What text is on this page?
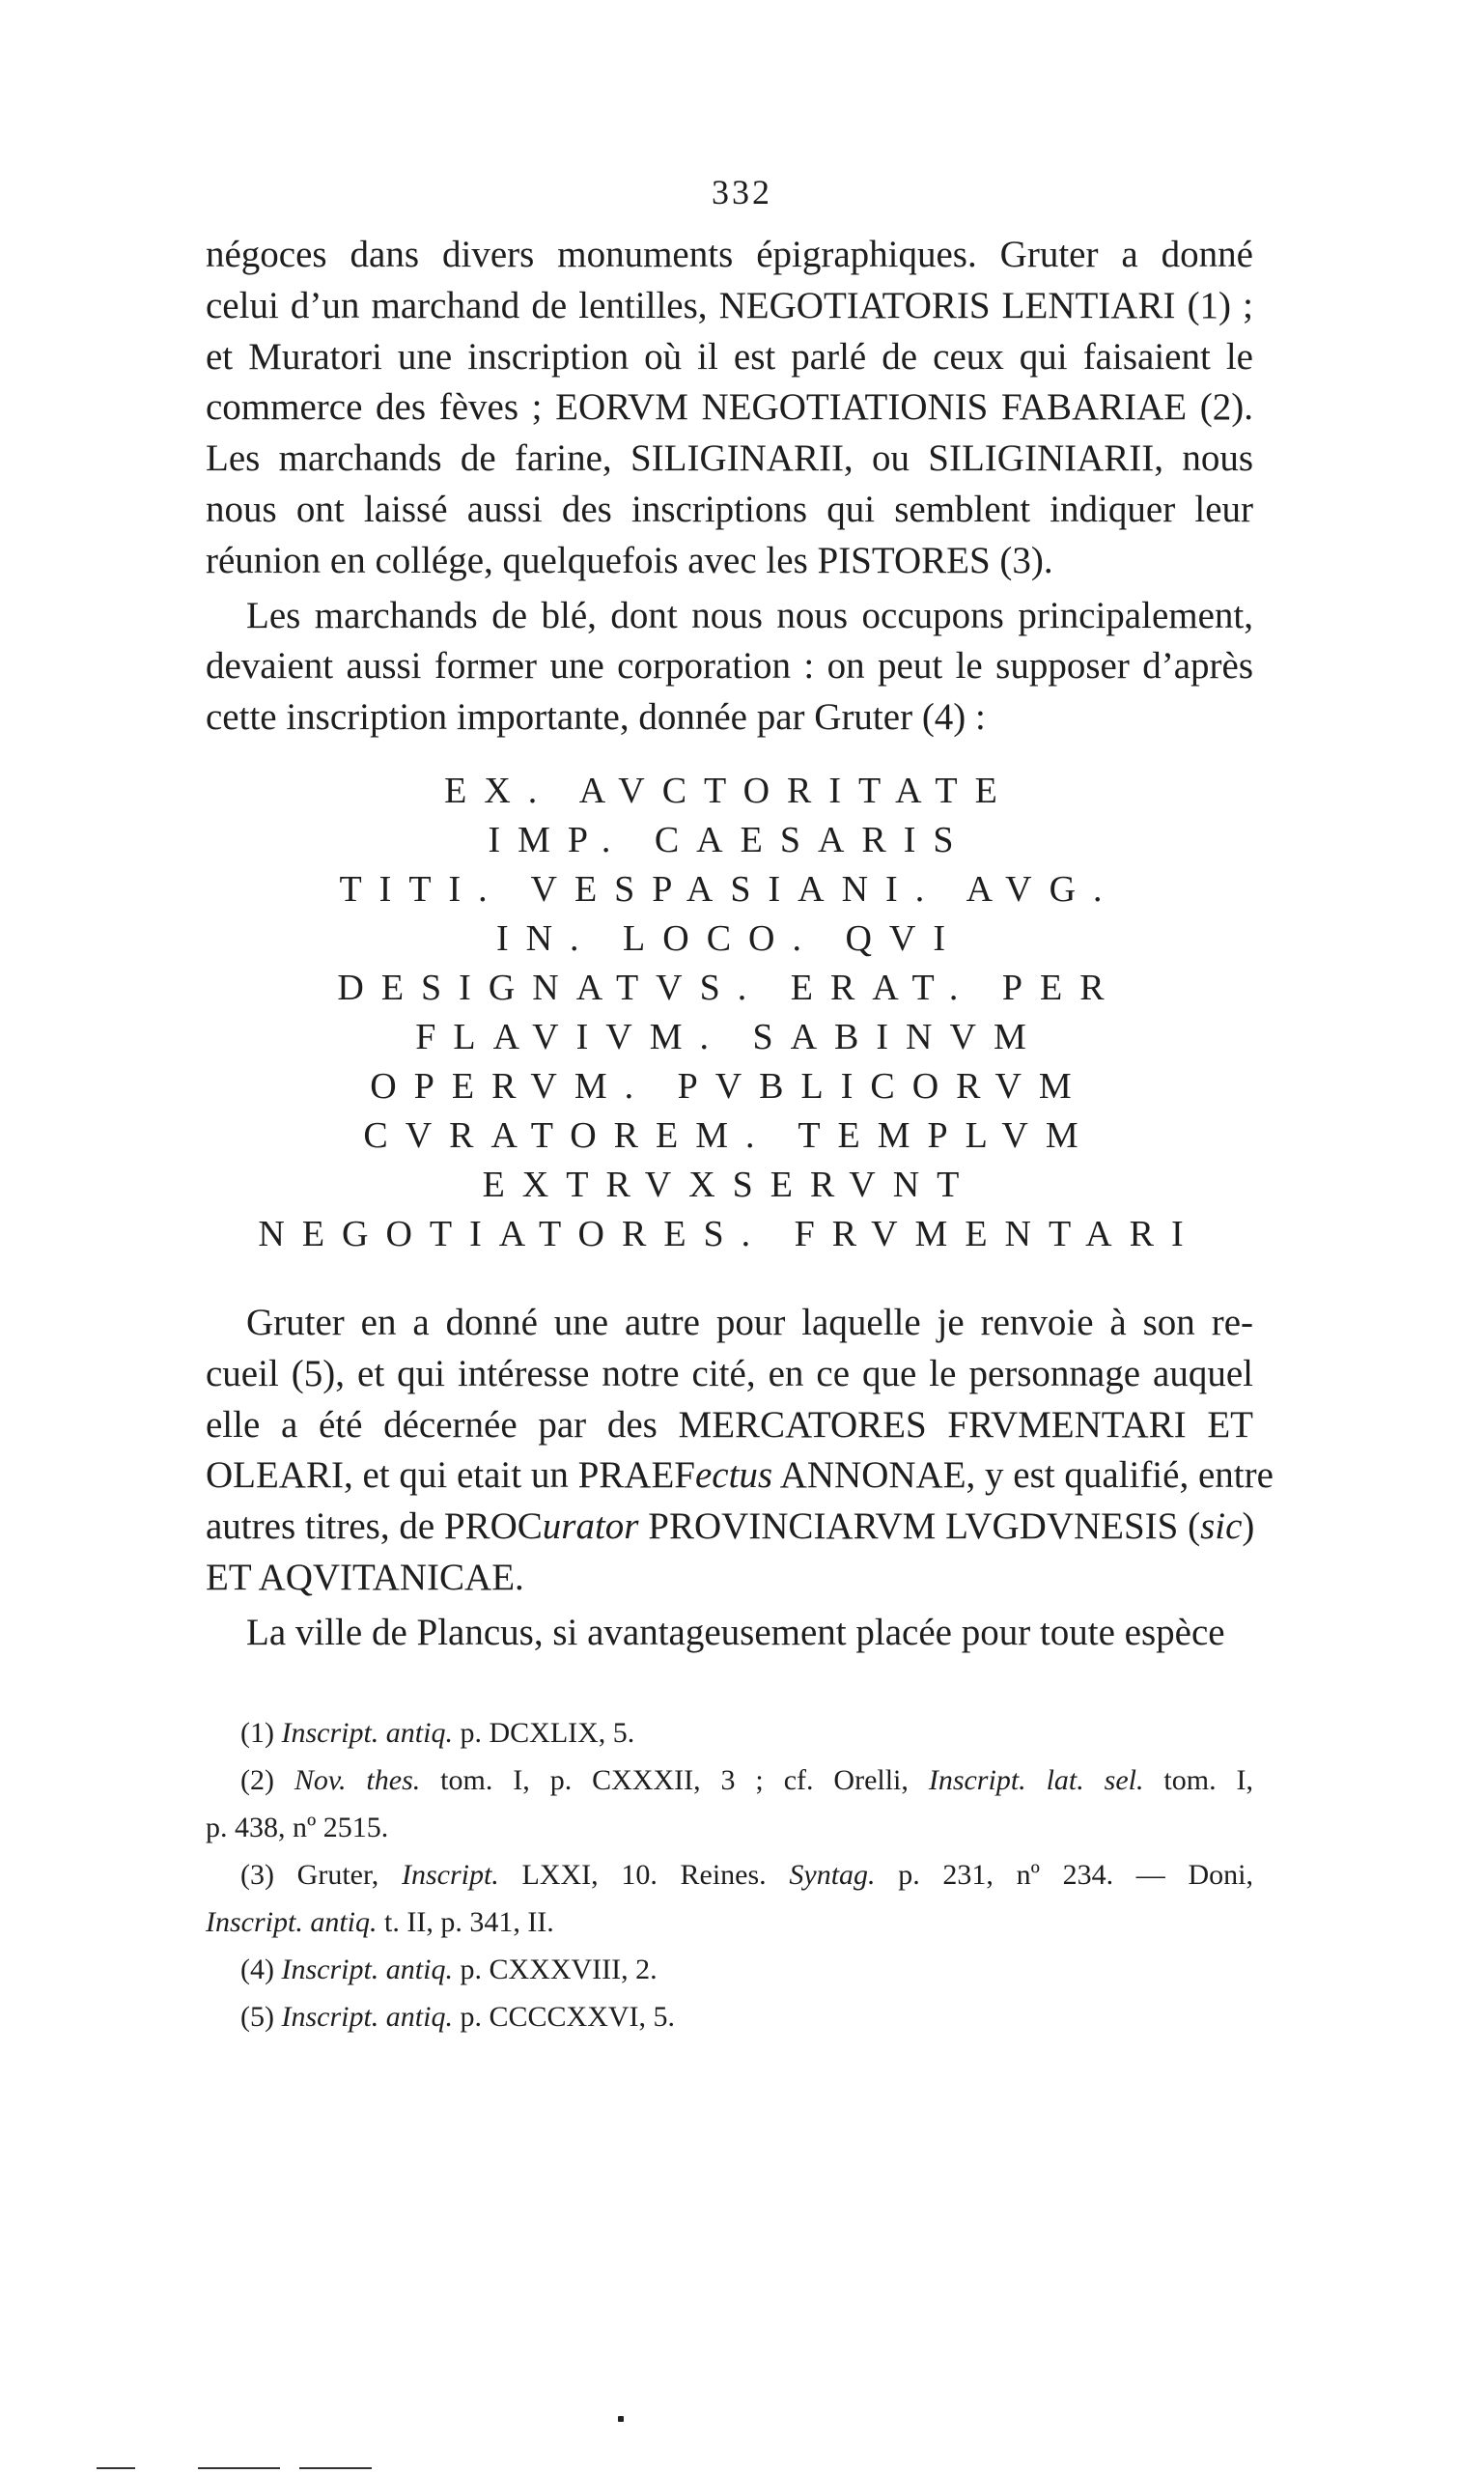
332
négoces dans divers monuments épigraphiques. Gruter a donné
celui d’un marchand de lentilles, NEGOTIATORIS LENTIARI (1) ;
et Muratori une inscription où il est parlé de ceux qui faisaient le
commerce des fèves ; EORVM NEGOTIATIONIS FABARIAE (2).
Les marchands de farine, SILIGINARII, ou SILIGINIARII, nous
nous ont laissé aussi des inscriptions qui semblent indiquer leur
réunion en collége, quelquefois avec les PISTORES (3).
Les marchands de blé, dont nous nous occupons principalement,
devaient aussi former une corporation : on peut le supposer d’après
cette inscription importante, donnée par Gruter (4) :
EX. AVCTORITATE
IMP. CAESARIS
TITI. VESPASIANI. AVG.
IN. LOCO. QVI
DESIGNATVS. ERAT. PER
FLAVIVM. SABINVM
OPERVM. PVBLICORVM
CVRATOREM. TEMPLVM
EXTRVXSERVNT
NEGOTIATORES. FRVMENTARI
Gruter en a donné une autre pour laquelle je renvoie à son re-
cueil (5), et qui intéresse notre cité, en ce que le personnage auquel
elle a été décernée par des MERCATORES FRVMENTARI ET
OLEARI, et qui etait un PRAEFectus ANNONAE, y est qualifié, entre
autres titres, de PROCurator PROVINCIARVM LVGDVNESIS (sic)
ET AQVITANICAE.
La ville de Plancus, si avantageusement placée pour toute espèce
(1) Inscript. antiq. p. DCXLIX, 5.
(2) Nov. thes. tom. I, p. CXXXII, 3 ; cf. Orelli, Inscript. lat. sel. tom. I,
p. 438, nº 2515.
(3) Gruter, Inscript. LXXI, 10. Reines. Syntag. p. 231, nº 234. — Doni,
Inscript. antiq. t. II, p. 341, II.
(4) Inscript. antiq. p. CXXXVIII, 2.
(5) Inscript. antiq. p. CCCCXXVI, 5.
